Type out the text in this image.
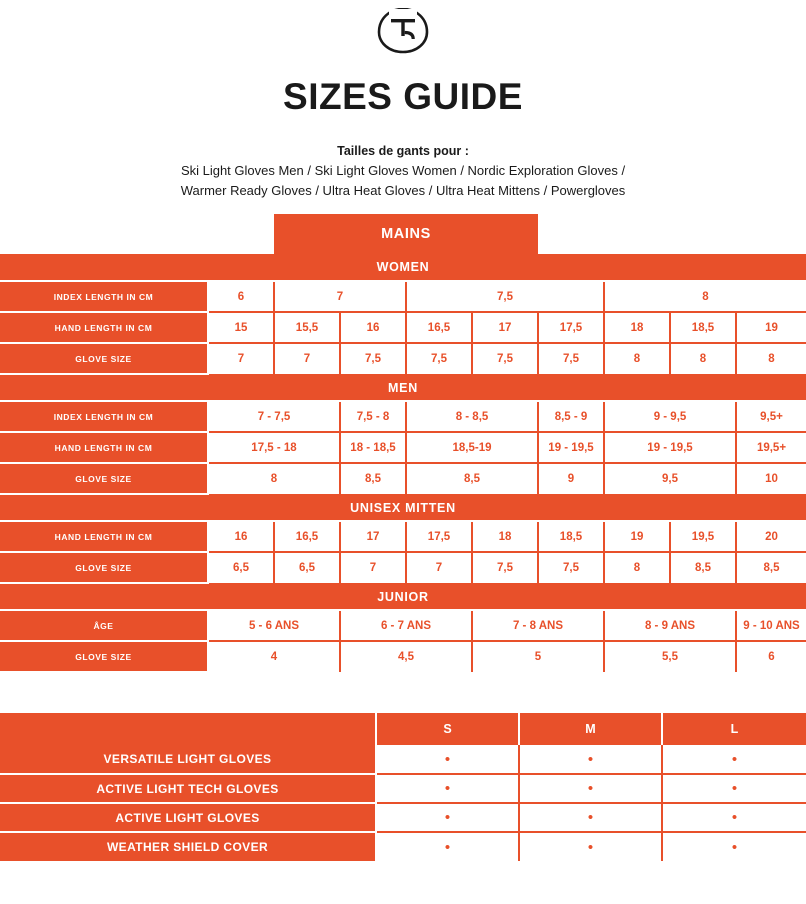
SIZES GUIDE
Tailles de gants pour :
Ski Light Gloves Men / Ski Light Gloves Women / Nordic Exploration Gloves /
Warmer Ready Gloves / Ultra Heat Gloves / Ultra Heat Mittens / Powergloves

		MAINS							
WOMEN									
INDEX LENGTH IN CM	6	7		7,5			8		
HAND LENGTH IN CM	15	15,5	16	16,5	17	17,5	18	18,5	19
GLOVE SIZE	7	7	7,5	7,5	7,5	7,5	8	8	8
MEN									
INDEX LENGTH IN CM	7 - 7,5		7,5 - 8	8 - 8,5		8,5 - 9	9 - 9,5		9,5+
HAND LENGTH IN CM	17,5 - 18		18 - 18,5	18,5-19		19 - 19,5	19 - 19,5		19,5+
GLOVE SIZE	8		8,5	8,5		9	9,5		10
UNISEX MITTEN									
HAND LENGTH IN CM	16	16,5	17	17,5	18	18,5	19	19,5	20
GLOVE SIZE	6,5	6,5	7	7	7,5	7,5	8	8,5	8,5
JUNIOR									
ÂGE	5 - 6 ANS		6 - 7 ANS		7 - 8 ANS		8 - 9 ANS		9 - 10 ANS
GLOVE SIZE	4		4,5		5		5,5		6
	S	M	L
VERSATILE LIGHT GLOVES	•	•	•
ACTIVE LIGHT TECH GLOVES	•	•	•
ACTIVE LIGHT GLOVES	•	•	•
WEATHER SHIELD COVER	•	•	•
